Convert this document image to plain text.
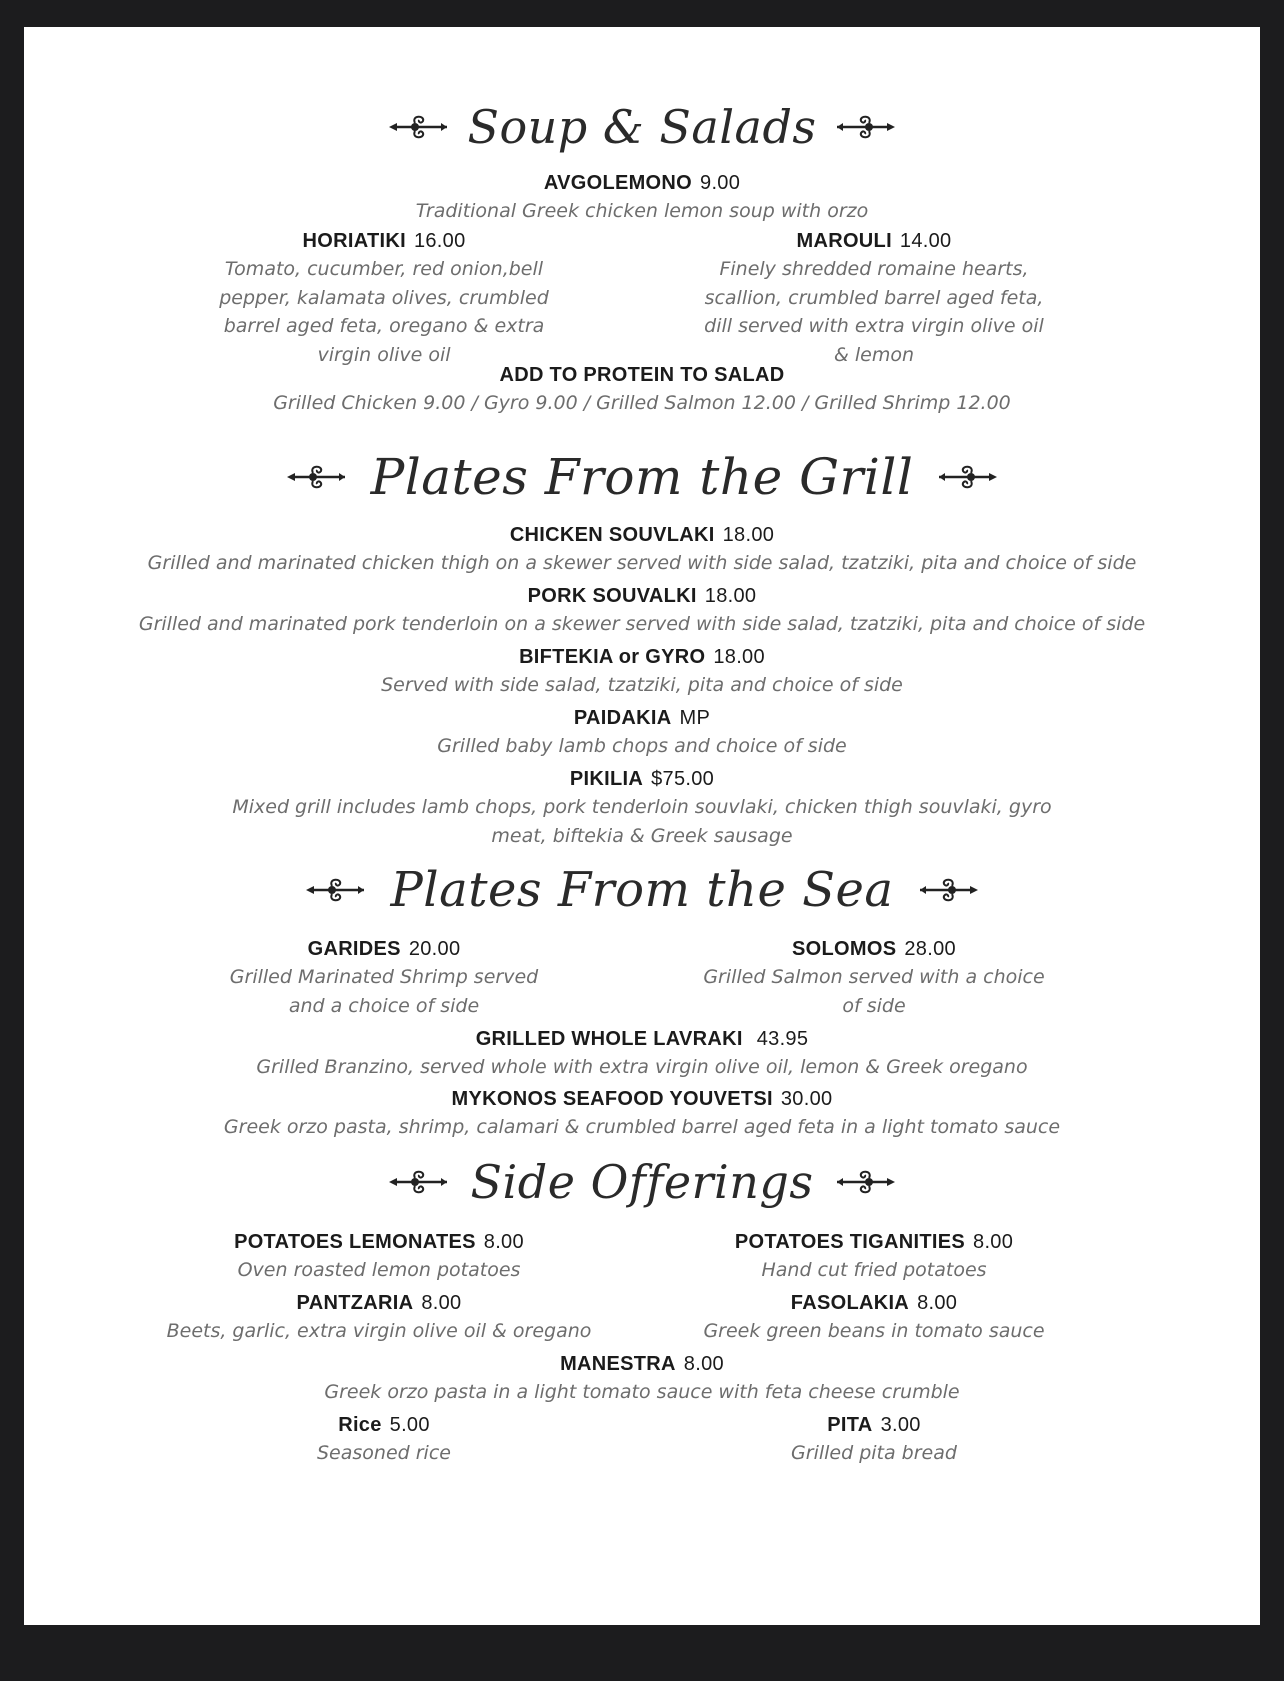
Soup & Salads
AVGOLEMONO 9.00
Traditional Greek chicken lemon soup with orzo
HORIATIKI 16.00
Tomato, cucumber, red onion,bell
pepper, kalamata olives, crumbled
barrel aged feta, oregano & extra
virgin olive oil
MAROULI 14.00
Finely shredded romaine hearts,
scallion, crumbled barrel aged feta,
dill served with extra virgin olive oil
& lemon
ADD TO PROTEIN TO SALAD
Grilled Chicken 9.00 / Gyro 9.00 / Grilled Salmon 12.00 / Grilled Shrimp 12.00
Plates From the Grill
CHICKEN SOUVLAKI 18.00
Grilled and marinated chicken thigh on a skewer served with side salad, tzatziki, pita and choice of side
PORK SOUVALKI 18.00
Grilled and marinated pork tenderloin on a skewer served with side salad, tzatziki, pita and choice of side
BIFTEKIA or GYRO 18.00
Served with side salad, tzatziki, pita and choice of side
PAIDAKIA MP
Grilled baby lamb chops and choice of side
PIKILIA $75.00
Mixed grill includes lamb chops, pork tenderloin souvlaki, chicken thigh souvlaki, gyro
meat, biftekia & Greek sausage
Plates From the Sea
GARIDES 20.00
Grilled Marinated Shrimp served
and a choice of side
SOLOMOS 28.00
Grilled Salmon served with a choice
of side
GRILLED WHOLE LAVRAKI 43.95
Grilled Branzino, served whole with extra virgin olive oil, lemon & Greek oregano
MYKONOS SEAFOOD YOUVETSI 30.00
Greek orzo pasta, shrimp, calamari & crumbled barrel aged feta in a light tomato sauce
Side Offerings
POTATOES LEMONATES 8.00
Oven roasted lemon potatoes
POTATOES TIGANITIES 8.00
Hand cut fried potatoes
PANTZARIA 8.00
Beets, garlic, extra virgin olive oil & oregano
FASOLAKIA 8.00
Greek green beans in tomato sauce
MANESTRA 8.00
Greek orzo pasta in a light tomato sauce with feta cheese crumble
Rice 5.00
Seasoned rice
PITA 3.00
Grilled pita bread
